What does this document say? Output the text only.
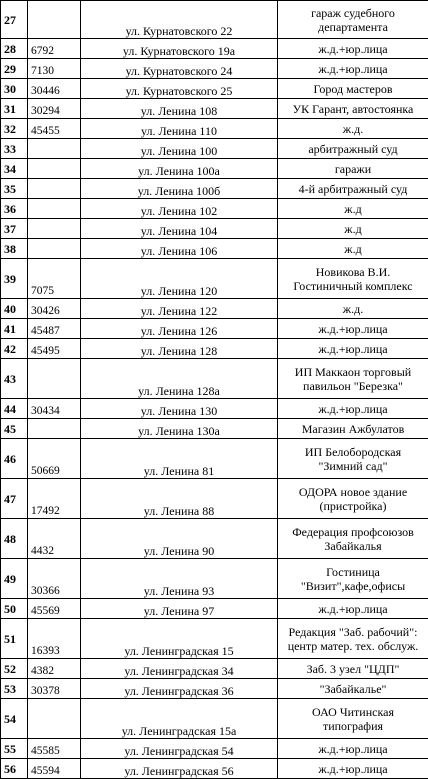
27		ул. Курнатовского 22	гараж судебного
департамента
28	6792	ул. Курнатовского 19а	ж.д.+юр.лица
29	7130	ул. Курнатовского 24	ж.д.+юр.лица
30	30446	ул. Курнатовского 25	Город мастеров
31	30294	ул. Ленина 108	УК Гарант, автостоянка
32	45455	ул. Ленина 110	ж.д.
33		ул. Ленина 100	арбитражный суд
34		ул. Ленина 100а	гаражи
35		ул. Ленина 100б	4-й арбитражный суд
36		ул. Ленина 102	ж.д
37		ул. Ленина 104	ж.д
38		ул. Ленина 106	ж.д
39	7075	ул. Ленина 120	Новикова В.И.
Гостиничный комплекс
40	30426	ул. Ленина 122	ж.д.
41	45487	ул. Ленина 126	ж.д.+юр.лица
42	45495	ул. Ленина 128	ж.д.+юр.лица
43		ул. Ленина 128а	ИП Маккаон торговый
павильон "Березка"
44	30434	ул. Ленина 130	ж.д.+юр.лица
45		ул. Ленина 130а	Магазин Ажбулатов
46	50669	ул. Ленина 81	ИП Белобородская
"Зимний сад"
47	17492	ул. Ленина 88	ОДОРА новое здание
(пристройка)
48	4432	ул. Ленина 90	Федерация профсоюзов
Забайкалья
49	30366	ул. Ленина 93	Гостиница
"Визит",кафе,офисы
50	45569	ул. Ленина 97	ж.д.+юр.лица
51	16393	ул. Ленинградская 15	Редакция "Заб. рабочий":
центр матер. тех. обслуж.
52	4382	ул. Ленинградская 34	Заб. 3 узел "ЦДП"
53	30378	ул. Ленинградская 36	"Забайкалье"
54		ул. Ленинградская 15а	ОАО Читинская
типография
55	45585	ул. Ленинградская 54	ж.д.+юр.лица
56	45594	ул. Ленинградская 56	ж.д.+юр.лица
